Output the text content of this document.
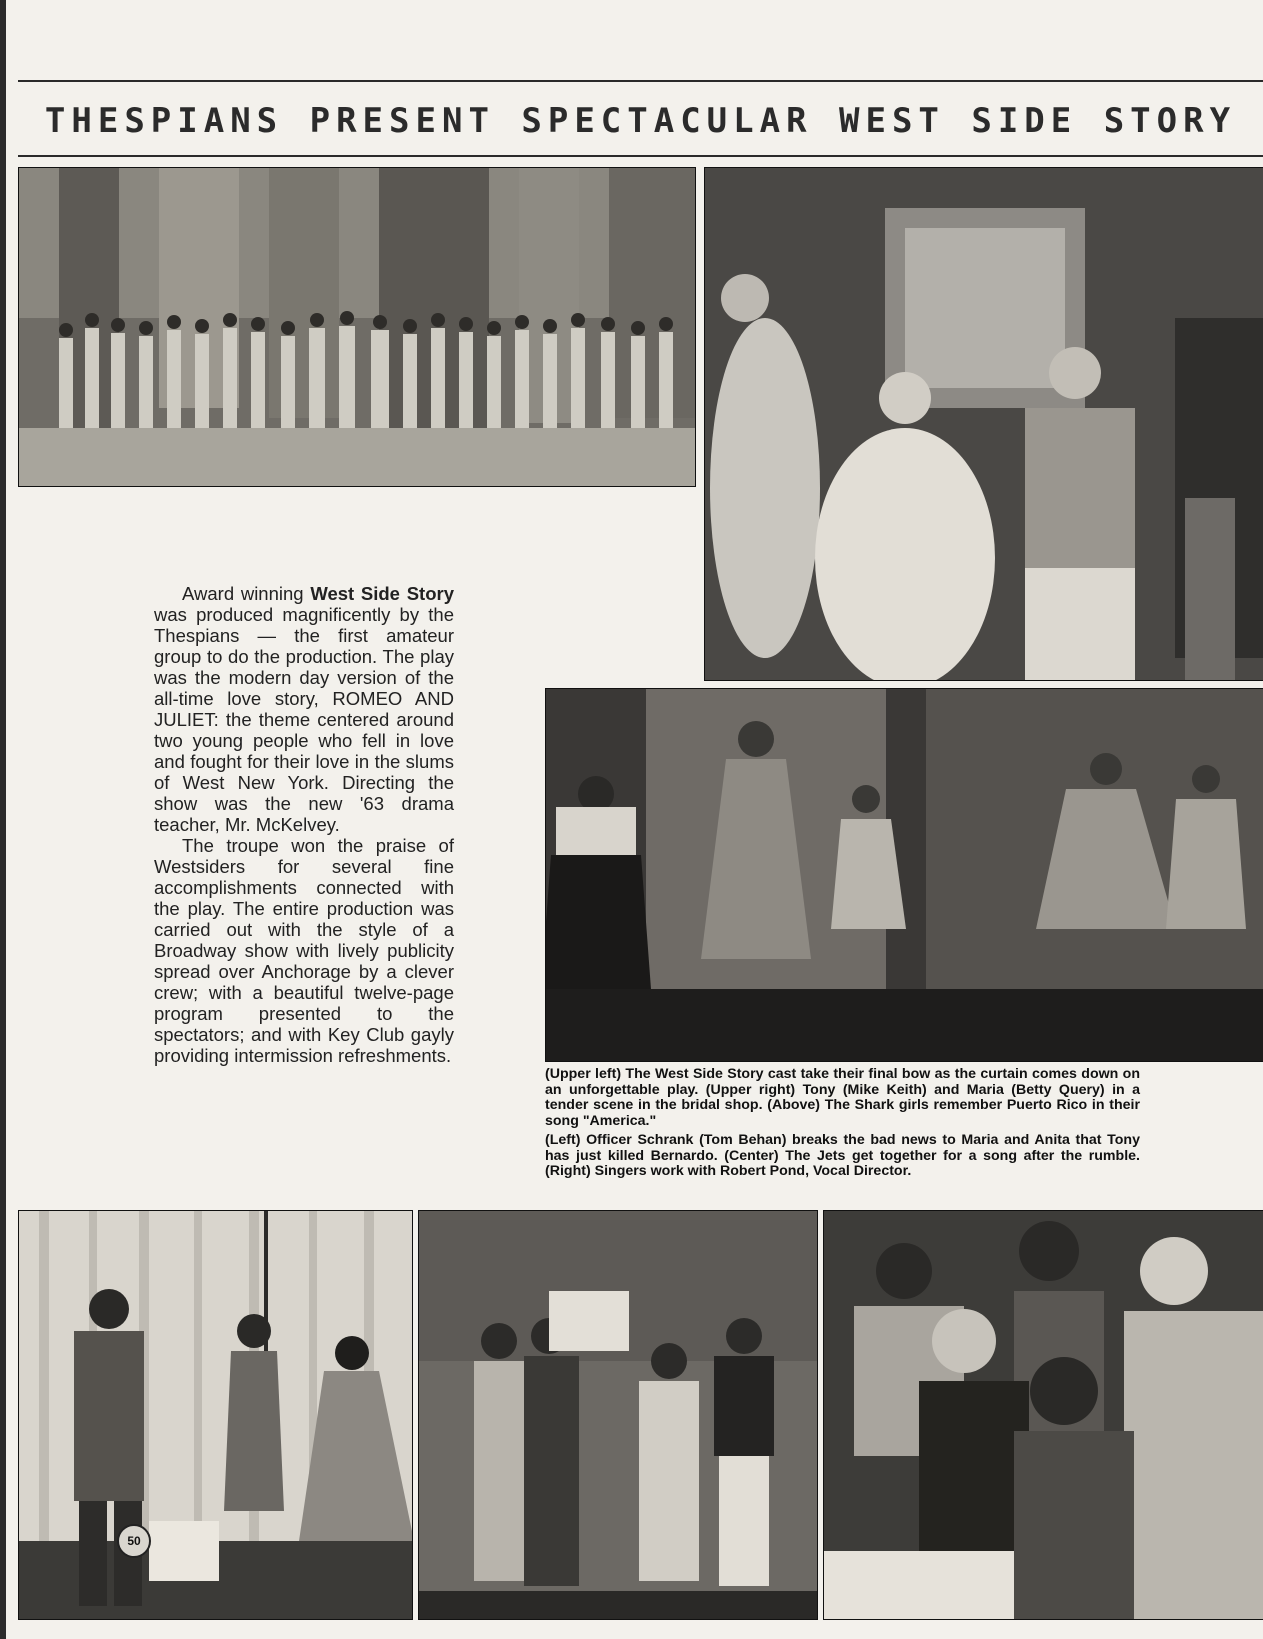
THESPIANS PRESENT SPECTACULAR WEST SIDE STORY

Award winning West Side Story was produced magnificently by the Thespians — the first amateur group to do the production. The play was the modern day version of the all-time love story, ROMEO AND JULIET: the theme centered around two young people who fell in love and fought for their love in the slums of West New York. Directing the show was the new '63 drama teacher, Mr. McKelvey.

The troupe won the praise of Westsiders for several fine accomplishments connected with the play. The entire production was carried out with the style of a Broadway show with lively publicity spread over Anchorage by a clever crew; with a beautiful twelve-page program presented to the spectators; and with Key Club gayly providing intermission refreshments.

(Upper left) The West Side Story cast take their final bow as the curtain comes down on an unforgettable play. (Upper right) Tony (Mike Keith) and Maria (Betty Query) in a tender scene in the bridal shop. (Above) The Shark girls remember Puerto Rico in their song "America."
(Left) Officer Schrank (Tom Behan) breaks the bad news to Maria and Anita that Tony has just killed Bernardo. (Center) The Jets get together for a song after the rumble. (Right) Singers work with Robert Pond, Vocal Director.
50
